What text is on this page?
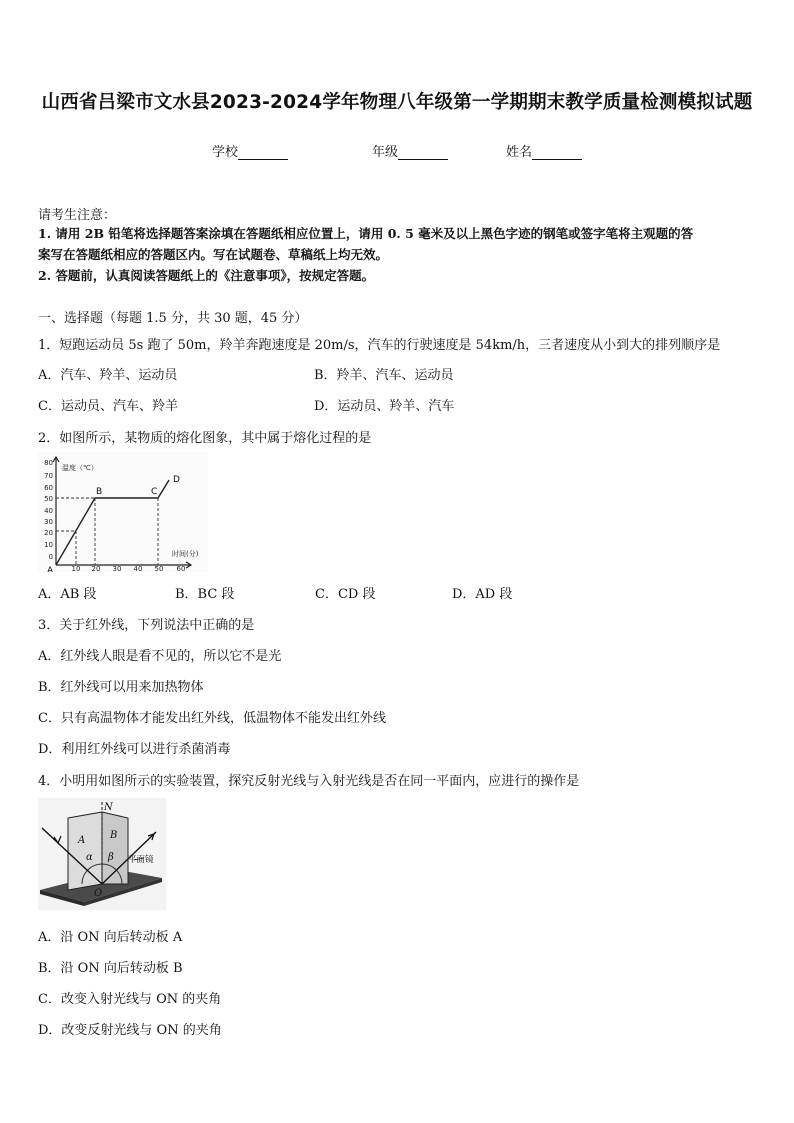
山西省吕梁市文水县2023-2024学年物理八年级第一学期期末教学质量检测模拟试题
学校	年级	姓名
请考生注意：
1. 请用 2B 铅笔将选择题答案涂填在答题纸相应位置上，请用 0. 5 毫米及以上黑色字迹的钢笔或签字笔将主观题的答
案写在答题纸相应的答题区内。写在试题卷、草稿纸上均无效。
2. 答题前，认真阅读答题纸上的《注意事项》，按规定答题。
一、选择题（每题 1.5 分，共 30 题，45 分）
1．短跑运动员 5s 跑了 50m，羚羊奔跑速度是 20m/s，汽车的行驶速度是 54km/h，三者速度从小到大的排列顺序是
A．汽车、羚羊、运动员	B．羚羊、汽车、运动员
C．运动员、汽车、羚羊	D．运动员、羚羊、汽车
2．如图所示，某物质的熔化图象，其中属于熔化过程的是
80
70
60
50
40
30
20
10
0
10 20 30 40 50 60
温度（℃）
时间(分)
A
B	C
D
A．AB 段	B．BC 段	C．CD 段	D．AD 段
3．关于红外线，下列说法中正确的是
A．红外线人眼是看不见的，所以它不是光
B．红外线可以用来加热物体
C．只有高温物体才能发出红外线，低温物体不能发出红外线
D．利用红外线可以进行杀菌消毒
4．小明用如图所示的实验装置，探究反射光线与入射光线是否在同一平面内，应进行的操作是
N
A B
α β
O
平面镜
A．沿 ON 向后转动板 A
B．沿 ON 向后转动板 B
C．改变入射光线与 ON 的夹角
D．改变反射光线与 ON 的夹角
